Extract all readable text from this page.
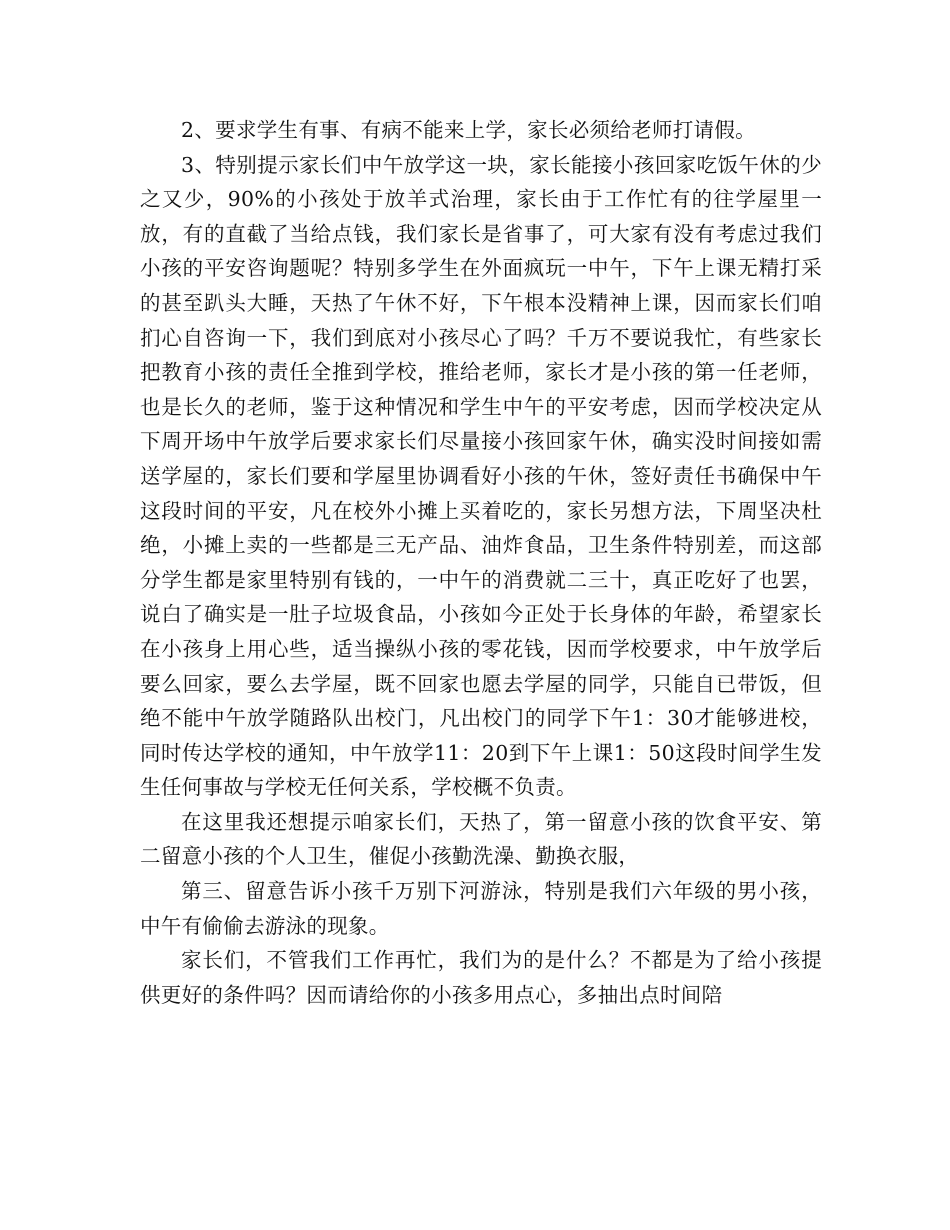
2、要求学生有事、有病不能来上学，家长必须给老师打请假。

3、特别提示家长们中午放学这一块，家长能接小孩回家吃饭午休的少之又少，90%的小孩处于放羊式治理，家长由于工作忙有的往学屋里一放，有的直截了当给点钱，我们家长是省事了，可大家有没有考虑过我们小孩的平安咨询题呢？特别多学生在外面疯玩一中午，下午上课无精打采的甚至趴头大睡，天热了午休不好，下午根本没精神上课，因而家长们咱扪心自咨询一下，我们到底对小孩尽心了吗？千万不要说我忙，有些家长把教育小孩的责任全推到学校，推给老师，家长才是小孩的第一任老师，也是长久的老师，鉴于这种情况和学生中午的平安考虑，因而学校决定从下周开场中午放学后要求家长们尽量接小孩回家午休，确实没时间接如需送学屋的，家长们要和学屋里协调看好小孩的午休，签好责任书确保中午这段时间的平安，凡在校外小摊上买着吃的，家长另想方法，下周坚决杜绝，小摊上卖的一些都是三无产品、油炸食品，卫生条件特别差，而这部分学生都是家里特别有钱的，一中午的消费就二三十，真正吃好了也罢，说白了确实是一肚子垃圾食品，小孩如今正处于长身体的年龄，希望家长在小孩身上用心些，适当操纵小孩的零花钱，因而学校要求，中午放学后要么回家，要么去学屋，既不回家也愿去学屋的同学，只能自已带饭，但绝不能中午放学随路队出校门，凡出校门的同学下午1：30才能够进校，同时传达学校的通知，中午放学11：20到下午上课1：50这段时间学生发生任何事故与学校无任何关系，学校概不负责。

在这里我还想提示咱家长们，天热了，第一留意小孩的饮食平安、第二留意小孩的个人卫生，催促小孩勤洗澡、勤换衣服，

第三、留意告诉小孩千万别下河游泳，特别是我们六年级的男小孩，中午有偷偷去游泳的现象。

家长们，不管我们工作再忙，我们为的是什么？不都是为了给小孩提供更好的条件吗？因而请给你的小孩多用点心，多抽出点时间陪
